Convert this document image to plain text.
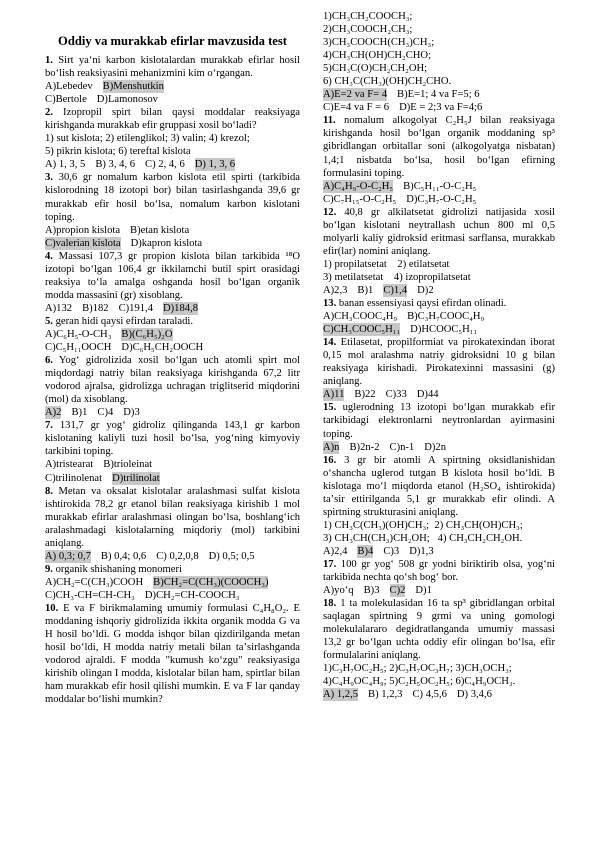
Oddiy va murakkab efirlar mavzusida test

1. Sirt yaʻni karbon kislotalardan murakkab efirlar hosil boʻlish reaksiyasini mehanizmini kim oʻrgangan.

A)Lebedev B)Menshutkin
C)Bertole D)Lamonosov

2. Izopropil spirt bilan qaysi moddalar reaksiyaga kirishganda murakkab efir gruppasi xosil boʻladi?

1) sut kislota; 2) etilenglikol; 3) valin; 4) krezol;

5) pikrin kislota; 6) tereftal kislota

A) 1, 3, 5 B) 3, 4, 6 C) 2, 4, 6 D) 1, 3, 6

3. 30,6 gr nomalum karbon kislota etil spirti (tarkibida kislorodning 18 izotopi bor) bilan tasirlashganda 39,6 gr murakkab efir hosil boʻlsa, nomalum karbon kislotani toping.

A)propion kislota B)etan kislota
C)valerian kislota D)kapron kislota

4. Massasi 107,3 gr propion kislota bilan tarkibida ¹⁸O izotopi boʻlgan 106,4 gr ikkilamchi butil spirt orasidagi reaksiya toʻla amalga oshganda hosil boʻlgan organik modda massasini (gr) xisoblang.

A)132 B)182 C)191,4 D)184,8

5. geran hidi qaysi efirdan taraladi.

A)C₆H₅-O-CH₃ B)(C₆H₅)₂O
C)C₅H₁₁OOCH D)C₆H₅CH₂OOCH

6. Yogʻ gidrolizida xosil boʻlgan uch atomli spirt mol miqdordagi natriy bilan reaksiyaga kirishganda 67,2 litr vodorod ajralsa, gidrolizga uchragan triglitserid miqdorini (mol) da xisoblang.

A)2 B)1 C)4 D)3

7. 131,7 gr yogʻ gidroliz qilinganda 143,1 gr karbon kislotaning kaliyli tuzi hosil boʻlsa, yogʻning kimyoviy tarkibini toping.

A)tristearat B)trioleinat
C)trilinolenat D)trilinolat

8. Metan va oksalat kislotalar aralashmasi sulfat kislota ishtirokida 78,2 gr etanol bilan reaksiyaga kirishib 1 mol murakkab efirlar aralashmasi olingan boʻlsa, boshlangʻich aralashmadagi kislotalarning miqdoriy (mol) tarkibini aniqlang.

A) 0,3; 0,7 B) 0,4; 0,6 C) 0,2,0,8 D) 0,5; 0,5

9. organik shishaning monomeri

A)CH₂=C(CH₃)COOH B)CH₂=C(CH₃)(COOCH₃)
C)CH₃-CH=CH-CH₃ D)CH₂=CH-COOCH₃

10. E va F birikmalaming umumiy formulasi C₄H₈O₂. E moddaning ishqoriy gidrolizida ikkita organik modda G va H hosil boʻldi. G modda ishqor bilan qizdirilganda metan hosil boʻldi, H modda natriy metali bilan taʼsirlashganda vodorod ajraldi. F modda "kumush koʻzgu" reaksiyasiga kirishib olingan I modda, kislotalar bilan ham, spirtlar bilan ham murakkab efir hosil qilishi mumkin. E va F lar qanday moddalar boʻlishi mumkin?

1)CH₃CH₂COOCH₃;

2)CH₃COOCH₂CH₃;

3)CH₃COOCH(CH₃)CH₃;

4)CH₃CH(OH)CH₂CHO;

5)CH₃C(O)CH₂CH₂OH;

6) CH₃C(CH₃)(OH)CH₂CHO.

A)E=2 va F= 4 B)E=1; 4 va F=5; 6
C)E=4 va F = 6 D)E = 2;3 va F=4;6

11. nomalum alkogolyat C₂H₅J bilan reaksiyaga kirishganda hosil boʻlgan organik moddaning sp³ gibridlangan orbitallar soni (alkogolyatga nisbatan) 1,4;1 nisbatda boʻlsa, hosil boʻlgan efirning formulasini toping.

A)C₄H₉-O-C₂H₅ B)C₅H₁₁-O-C₂H₅
C)C₇H₁₅-O-C₂H₅ D)C₃H₇-O-C₂H₅

12. 40,8 gr alkilatsetat gidrolizi natijasida xosil boʻlgan kislotani neytrallash uchun 800 ml 0,5 molyarli kaliy gidroksid eritmasi sarflansa, murakkab efir(lar) nomini aniqlang.

1) propilatsetat    2) etilatsetat

3) metilatsetat    4) izopropilatsetat

A)2,3 B)1 C)1,4 D)2

13. banan essensiyasi qaysi efirdan olinadi.

A)CH₃COOC₄H₉ B)C₃H₇COOC₄H₉
C)CH₃COOC₅H₁₁ D)HCOOC₅H₁₁

14. Etilasetat, propilformiat va pirokatexindan iborat 0,15 mol aralashma natriy gidroksidni 10 g bilan reaksiyaga kirishadi. Pirokatexinni massasini (g) aniqlang.

A)11 B)22 C)33 D)44

15. uglerodning 13 izotopi boʻlgan murakkab efir tarkibidagi elektronlarni neytronlardan ayirmasini toping.

A)n B)2n-2 C)n-1 D)2n

16. 3 gr bir atomli A spirtning oksidlanishidan oʻshancha uglerod tutgan B kislota hosil boʻldi. B kislotaga moʻl miqdorda etanol (H₂SO₄ ishtirokida) taʼsir ettirilganda 5,1 gr murakkab efir olindi. A spirtning strukturasini aniqlang.

1) CH₃C(CH₃)(OH)CH₃;  2) CH₃CH(OH)CH₃;

3) CH₃CH(CH₃)CH₂OH;   4) CH₃CH₂CH₂OH.

A)2,4 B)4 C)3 D)1,3

17. 100 gr yogʻ 508 gr yodni biriktirib olsa, yogʻni tarkibida nechta qoʻsh bogʻ bor.

A)yoʻq B)3 C)2 D)1

18. 1 ta molekulasidan 16 ta sp³ gibridlangan orbital saqlagan spirtning 9 grmi va uning gomologi molekulalararo degidratlanganda umumiy massasi 13,2 gr boʻlgan uchta oddiy efir olingan boʻlsa, efir formulalarini aniqlang.

1)C₃H₇OC₂H₅; 2)C₃H₇OC₃H₇; 3)CH₃OCH₃;

4)C₄H₉OC₄H₉; 5)C₂H₅OC₂H₅; 6)C₄H₉OCH₃.

A) 1,2,5 B) 1,2,3 C) 4,5,6 D) 3,4,6
